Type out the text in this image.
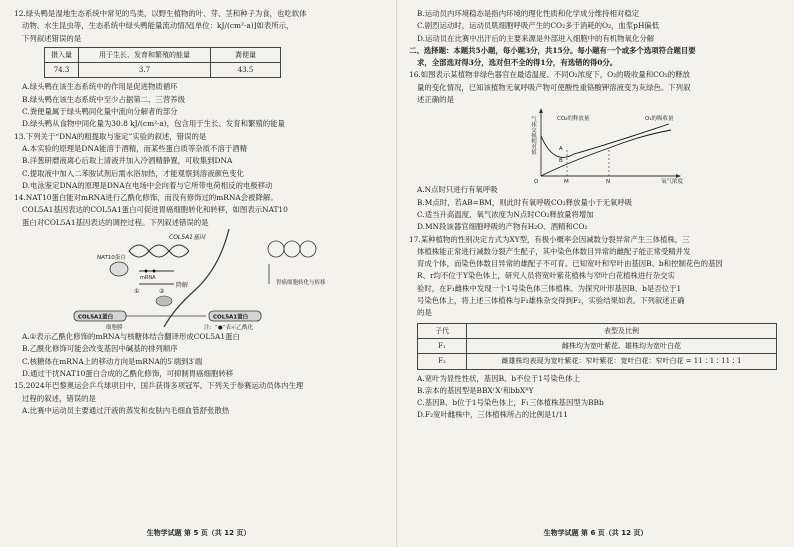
12.绿头鸭是湿地生态系统中常见的鸟类，以野生植物的叶、芽、茎和种子为食，也吃软体

动物、水生昆虫等，生态系统中绿头鸭能量流动情况[单位：kJ/(cm²·a)]如表所示，

下列叙述错误的是

摄入量	用于生长、发育和繁殖的能量	粪便量
74.3	3.7	43.5

A.绿头鸭在该生态系统中的作用是促进物质循环

B.绿头鸭在该生态系统中至少占据第二、三营养级

C.粪便量属于绿头鸭同化量中流向分解者的部分

D.绿头鸭从食物中同化量为30.8 kJ/(cm²·a)，包含用于生长、发育和繁殖的能量

13.下列关于“DNA的粗提取与鉴定”实验的叙述，错误的是

A.本实验的原理是DNA能溶于酒精，而某些蛋白质等杂质不溶于酒精

B.洋葱研磨液离心后取上清液并加入冷酒精静置，可收集到DNA

C.提取液中加入二苯胺试剂后需水浴加热，才能观察到溶液颜色变化

D.电泳鉴定DNA的原理是DNA在电场中会向着与它所带电荷相反的电极移动

14.NAT10蛋白能对mRNA进行乙酰化修饰，而没有修饰过的mRNA会被降解。

COL5A1基因表达的COL5A1蛋白可促进胃癌细胞转化和转移，如图表示NAT10

蛋白对COL5A1基因表达的调控过程。下列叙述错误的是

COL5A1基因
NAT10蛋白
mRNA
①	②
降解
COL5A1蛋白	COL5A1蛋白
胃癌细胞转化与转移
细胞膜	注：“●”表示乙酰化

A.①表示乙酰化修饰的mRNA与核糖体结合翻译形成COL5A1蛋白

B.乙酰化修饰可能会改变基因中碱基的排列顺序

C.核糖体在mRNA上的移动方向是mRNA的5′端到3′端

D.通过干扰NAT10蛋白合成的乙酰化修饰，可抑制胃癌细胞转移

15.2024年巴黎奥运会乒乓球项目中，国乒获得多项冠军。下列关于参赛运动员体内生理

过程的叙述，错误的是

A.比赛中运动员主要通过汗液的蒸发和皮肤内毛细血管舒张散热

生物学试题 第 5 页（共 12 页）

B.运动员内环境稳态是指内环境的理化性质和化学成分维持相对稳定

C.剧烈运动时，运动员肌细胞呼吸产生的CO₂多于消耗的O₂，血浆pH偏低

D.运动员在比赛中出汗后的主要来源是外部进入细胞中的有机物氧化分解

二、选择题：本题共5小题，每小题3分，共15分。每小题有一个或多个选项符合题目要

求，全部选对得3分，选对但不全的得1分，有选错的得0分。

16.如图表示某植物非绿色器官在最适温度、不同O₂浓度下，O₂的吸收量和CO₂的释放

量的变化情况，已知该植物无氧呼吸产物可使酸性重铬酸钾溶液变为灰绿色。下列叙

述正确的是

气体交换相对值
氧气浓度
CO₂的释放量	O₂的吸收量
A
B
O	M	N

A.N点时只进行有氧呼吸

B.M点时，若AB=BM，则此时有氧呼吸CO₂释放量小于无氧呼吸

C.适当升高温度，氧气浓度为N点时CO₂释放量将增加

D.MN段该器官细胞呼吸的产物有H₂O、酒精和CO₂

17.某种植物的性别决定方式为XY型，有极小概率会因减数分裂异常产生三体植株，三

体植株能正常进行减数分裂产生配子，其中染色体数目异常的雌配子能正常受精并发

育成个体，而染色体数目异常的雄配子不可育。已知宽叶和窄叶由基因B、b和控制花色的基因

R、r均不位于Y染色体上，研究人员将宽叶紫花植株与窄叶白花植株进行杂交实

验时，在F₁雌株中发现一个1号染色体三体植株。为探究叶形基因B、b是否位于1

号染色体上，将上述三体植株与F₁雄株杂交得到F₂，实验结果如表。下列叙述正确

的是

子代	表型及比例
F₁	雌株均为宽叶紫花、雄株均为宽叶白花
F₂	雌雄株均表现为宽叶紫花：窄叶紫花：宽叶白花：窄叶白花 = 11∶1∶11∶1

A.宽叶为显性性状，基因B、b不位于1号染色体上

B.亲本的基因型是BBXʳXʳ和bbXᴿY

C.基因B、b位于1号染色体上，F₁三体植株基因型为BBb

D.F₂宽叶雌株中，三体植株所占的比例是1/11

生物学试题 第 6 页（共 12 页）
